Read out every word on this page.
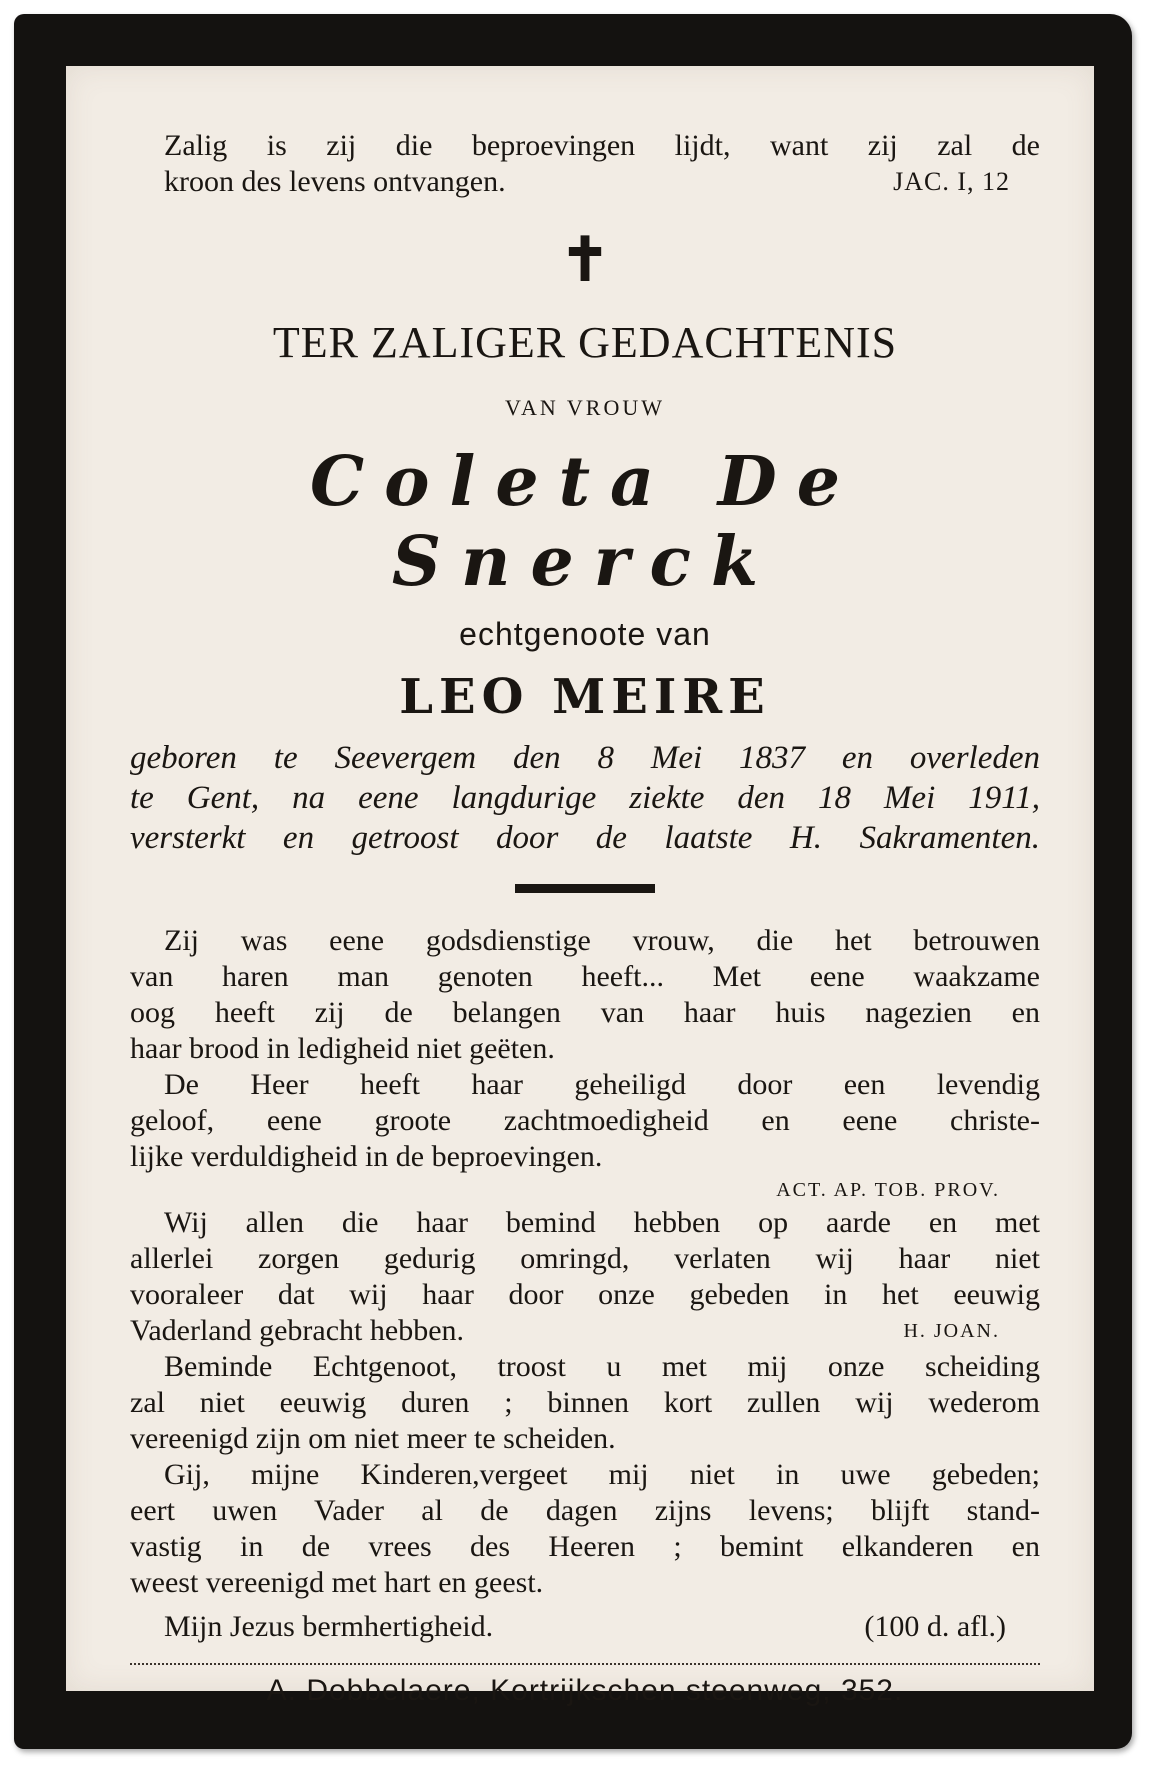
Zalig is zij die beproevingen lijdt, want zij zal de
kroon des levens ontvangen.	JAC. I, 12
✝
TER ZALIGER GEDACHTENIS
VAN VROUW
Coleta De Snerck
echtgenoote van
LEO MEIRE
geboren te Seevergem den 8 Mei 1837 en overleden
te Gent, na eene langdurige ziekte den 18 Mei 1911,
versterkt en getroost door de laatste H. Sakramenten.
Zij was eene godsdienstige vrouw, die het betrouwen
van haren man genoten heeft... Met eene waakzame
oog heeft zij de belangen van haar huis nagezien en
haar brood in ledigheid niet geëten.
De Heer heeft haar geheiligd door een levendig
geloof, eene groote zachtmoedigheid en eene christe-
lijke verduldigheid in de beproevingen.
ACT. AP. TOB. PROV.
Wij allen die haar bemind hebben op aarde en met
allerlei zorgen gedurig omringd, verlaten wij haar niet
vooraleer dat wij haar door onze gebeden in het eeuwig
Vaderland gebracht hebben.	H. JOAN.
Beminde Echtgenoot, troost u met mij onze scheiding
zal niet eeuwig duren ; binnen kort zullen wij wederom
vereenigd zijn om niet meer te scheiden.
Gij, mijne Kinderen,vergeet mij niet in uwe gebeden;
eert uwen Vader al de dagen zijns levens; blijft stand-
vastig in de vrees des Heeren ; bemint elkanderen en
weest vereenigd met hart en geest.
Mijn Jezus bermhertigheid.	(100 d. afl.)
A. Dobbelaere, Kortrijkschen steenweg, 352.
